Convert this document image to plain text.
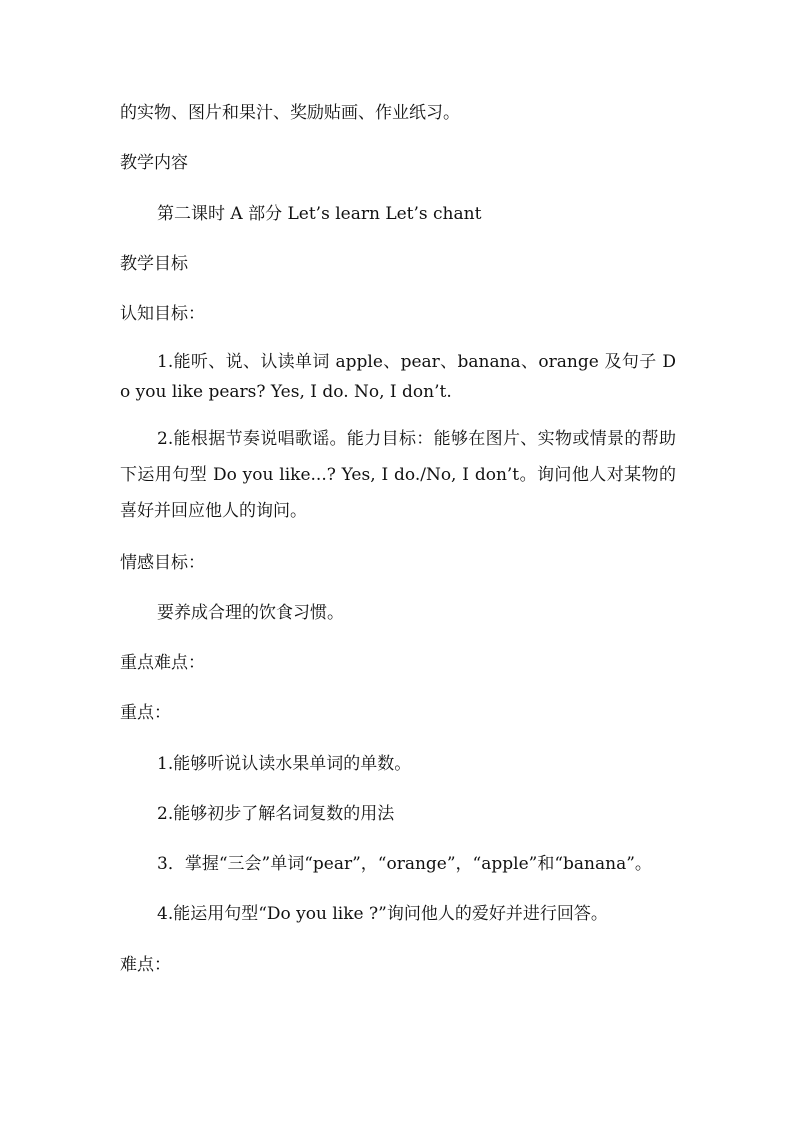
的实物、图片和果汁、奖励贴画、作业纸习。
教学内容
第二课时 A 部分 Let’s learn Let’s chant
教学目标
认知目标：
1.能听、说、认读单词 apple、pear、banana、orange 及句子 Do you like pears? Yes, I do. No, I don’t.
2.能根据节奏说唱歌谣。能力目标：能够在图片、实物或情景的帮助下运用句型 Do you like...? Yes, I do./No, I don’t。询问他人对某物的喜好并回应他人的询问。
情感目标：
要养成合理的饮食习惯。
重点难点：
重点：
1.能够听说认读水果单词的单数。
2.能够初步了解名词复数的用法
3．掌握“三会”单词“pear”，“orange”，“apple”和“banana”。
4.能运用句型“Do you like ?”询问他人的爱好并进行回答。
难点：
